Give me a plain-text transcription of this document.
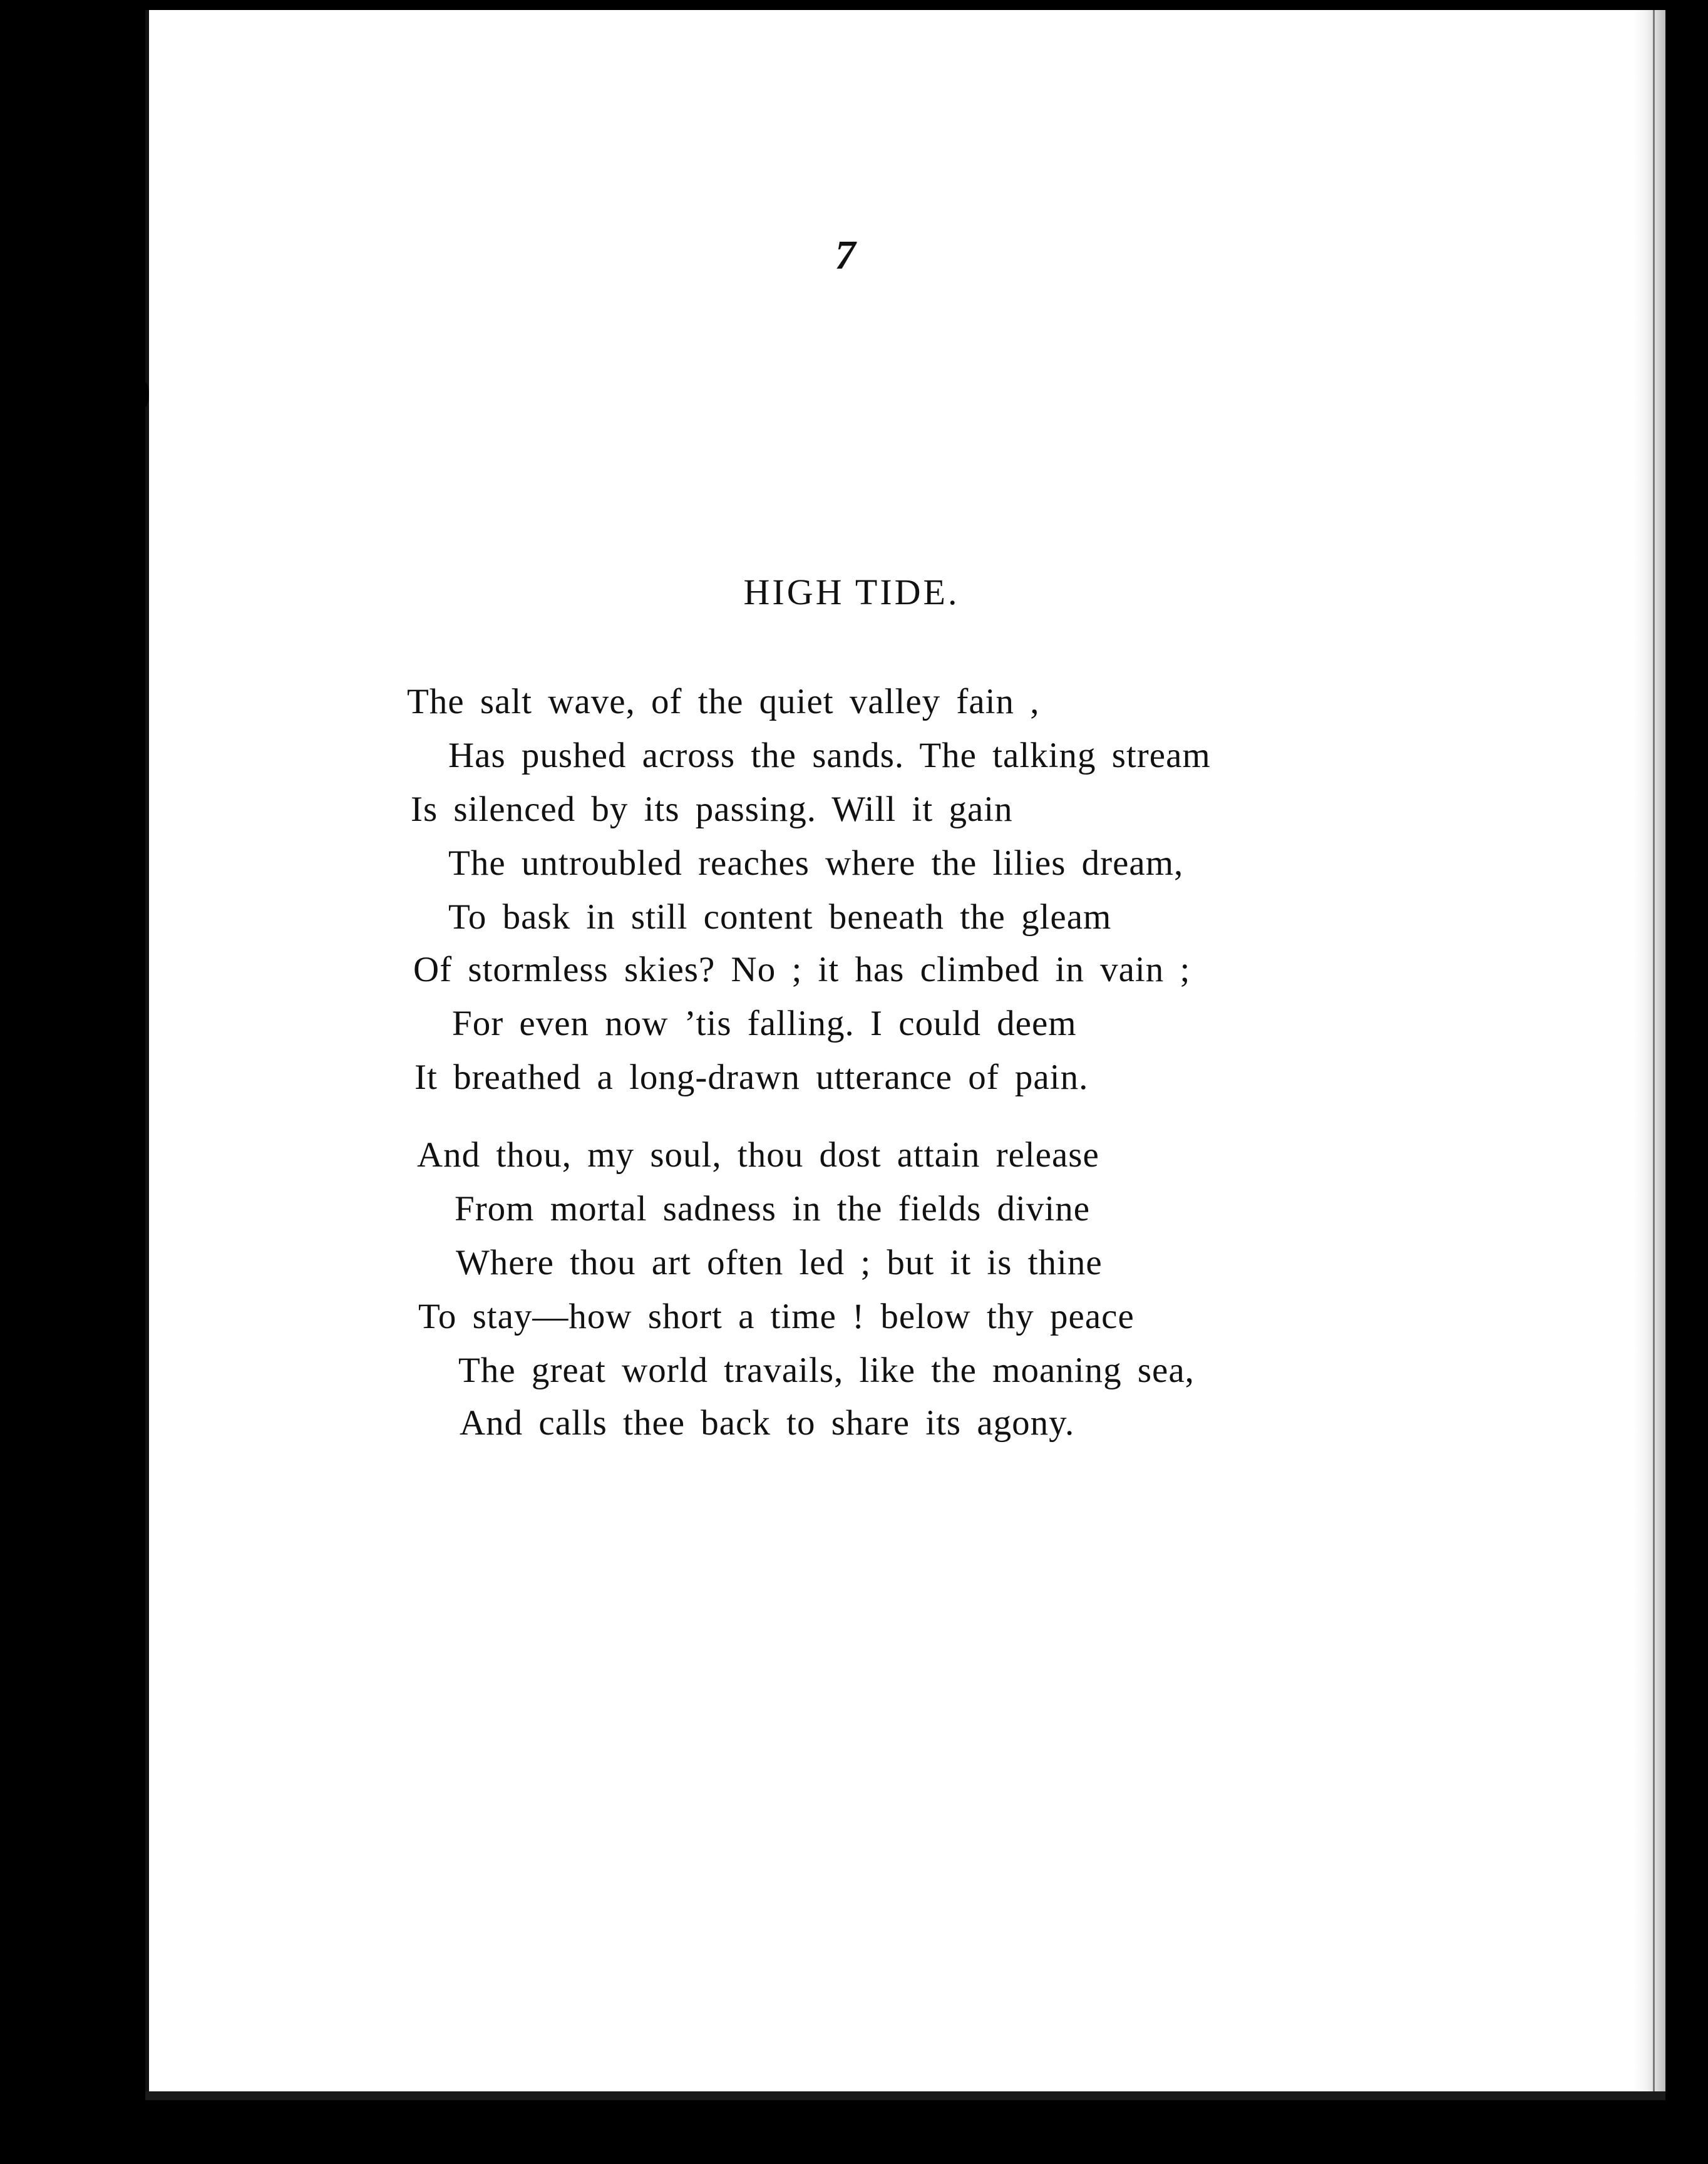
7
HIGH TIDE.
The salt wave, of the quiet valley fain ,
Has pushed across the sands. The talking stream
Is silenced by its passing. Will it gain
The untroubled reaches where the lilies dream,
To bask in still content beneath the gleam
Of stormless skies? No ; it has climbed in vain ;
For even now ’tis falling. I could deem
It breathed a long-drawn utterance of pain.
And thou, my soul, thou dost attain release
From mortal sadness in the fields divine
Where thou art often led ; but it is thine
To stay—how short a time ! below thy peace
The great world travails, like the moaning sea,
And calls thee back to share its agony.
